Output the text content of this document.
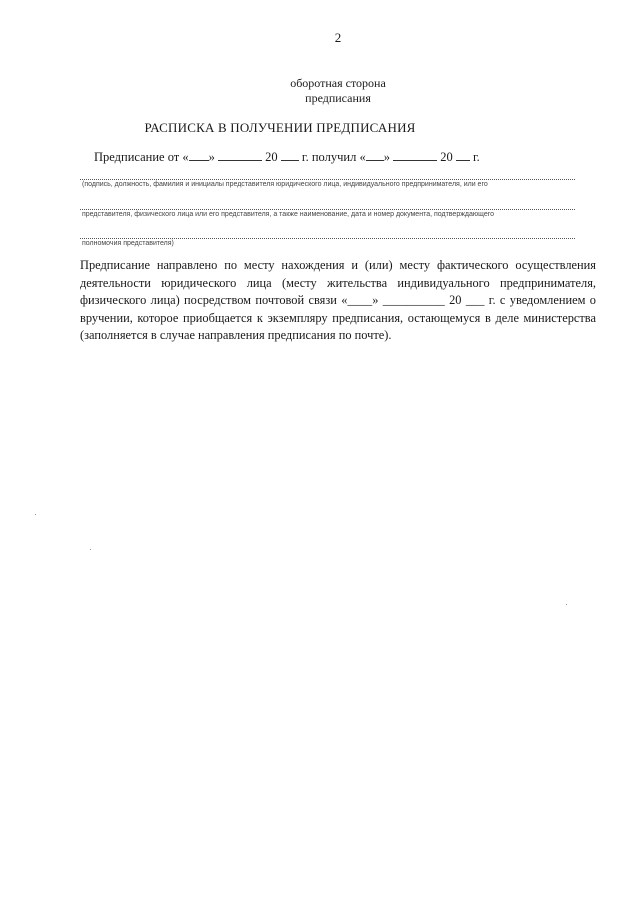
2
оборотная сторона
предписания
РАСПИСКА В ПОЛУЧЕНИИ ПРЕДПИСАНИЯ
Предписание от « »	20 г. получил « »	20 г.
(подпись, должность, фамилия и инициалы представителя юридического лица, индивидуального предпринимателя, или его
представителя, физического лица или его представителя, а также наименование, дата и номер документа, подтверждающего
полномочия представителя)
Предписание направлено по месту нахождения и (или) месту фактического осуществления деятельности юридического лица (месту жительства индивидуального предпринимателя, физического лица) посредством почтовой связи «____» __________ 20 ___ г. с уведомлением о вручении, которое приобщается к экземпляру предписания, остающемуся в деле министерства (заполняется в случае направления предписания по почте).
